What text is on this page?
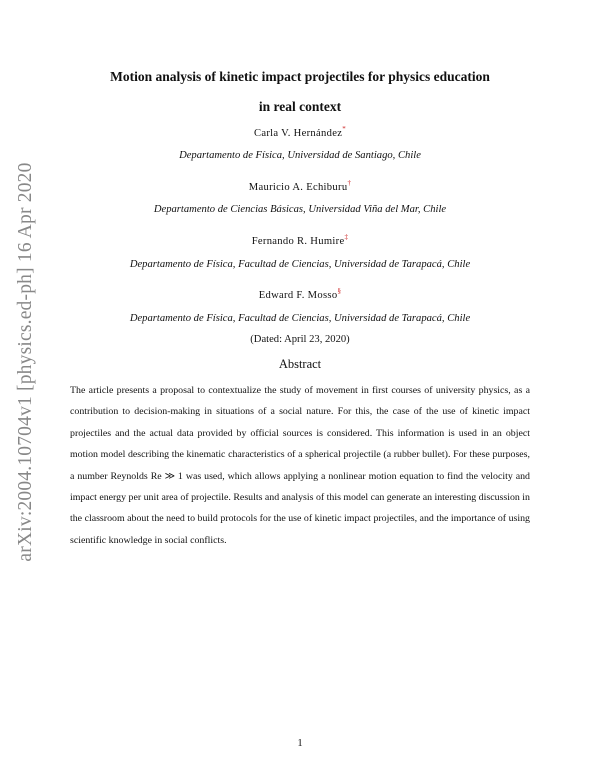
arXiv:2004.10704v1 [physics.ed-ph] 16 Apr 2020
Motion analysis of kinetic impact projectiles for physics education
in real context
Carla V. Hernández*
Departamento de Física, Universidad de Santiago, Chile
Mauricio A. Echiburu†
Departamento de Ciencias Básicas, Universidad Viña del Mar, Chile
Fernando R. Humire‡
Departamento de Física, Facultad de Ciencias, Universidad de Tarapacá, Chile
Edward F. Mosso§
Departamento de Física, Facultad de Ciencias, Universidad de Tarapacá, Chile
(Dated: April 23, 2020)
Abstract

The article presents a proposal to contextualize the study of movement in first courses of university physics, as a contribution to decision-making in situations of a social nature. For this, the case of the use of kinetic impact projectiles and the actual data provided by official sources is considered. This information is used in an object motion model describing the kinematic characteristics of a spherical projectile (a rubber bullet). For these purposes, a number Reynolds Re ≫ 1 was used, which allows applying a nonlinear motion equation to find the velocity and impact energy per unit area of projectile. Results and analysis of this model can generate an interesting discussion in the classroom about the need to build protocols for the use of kinetic impact projectiles, and the importance of using scientific knowledge in social conflicts.

1
